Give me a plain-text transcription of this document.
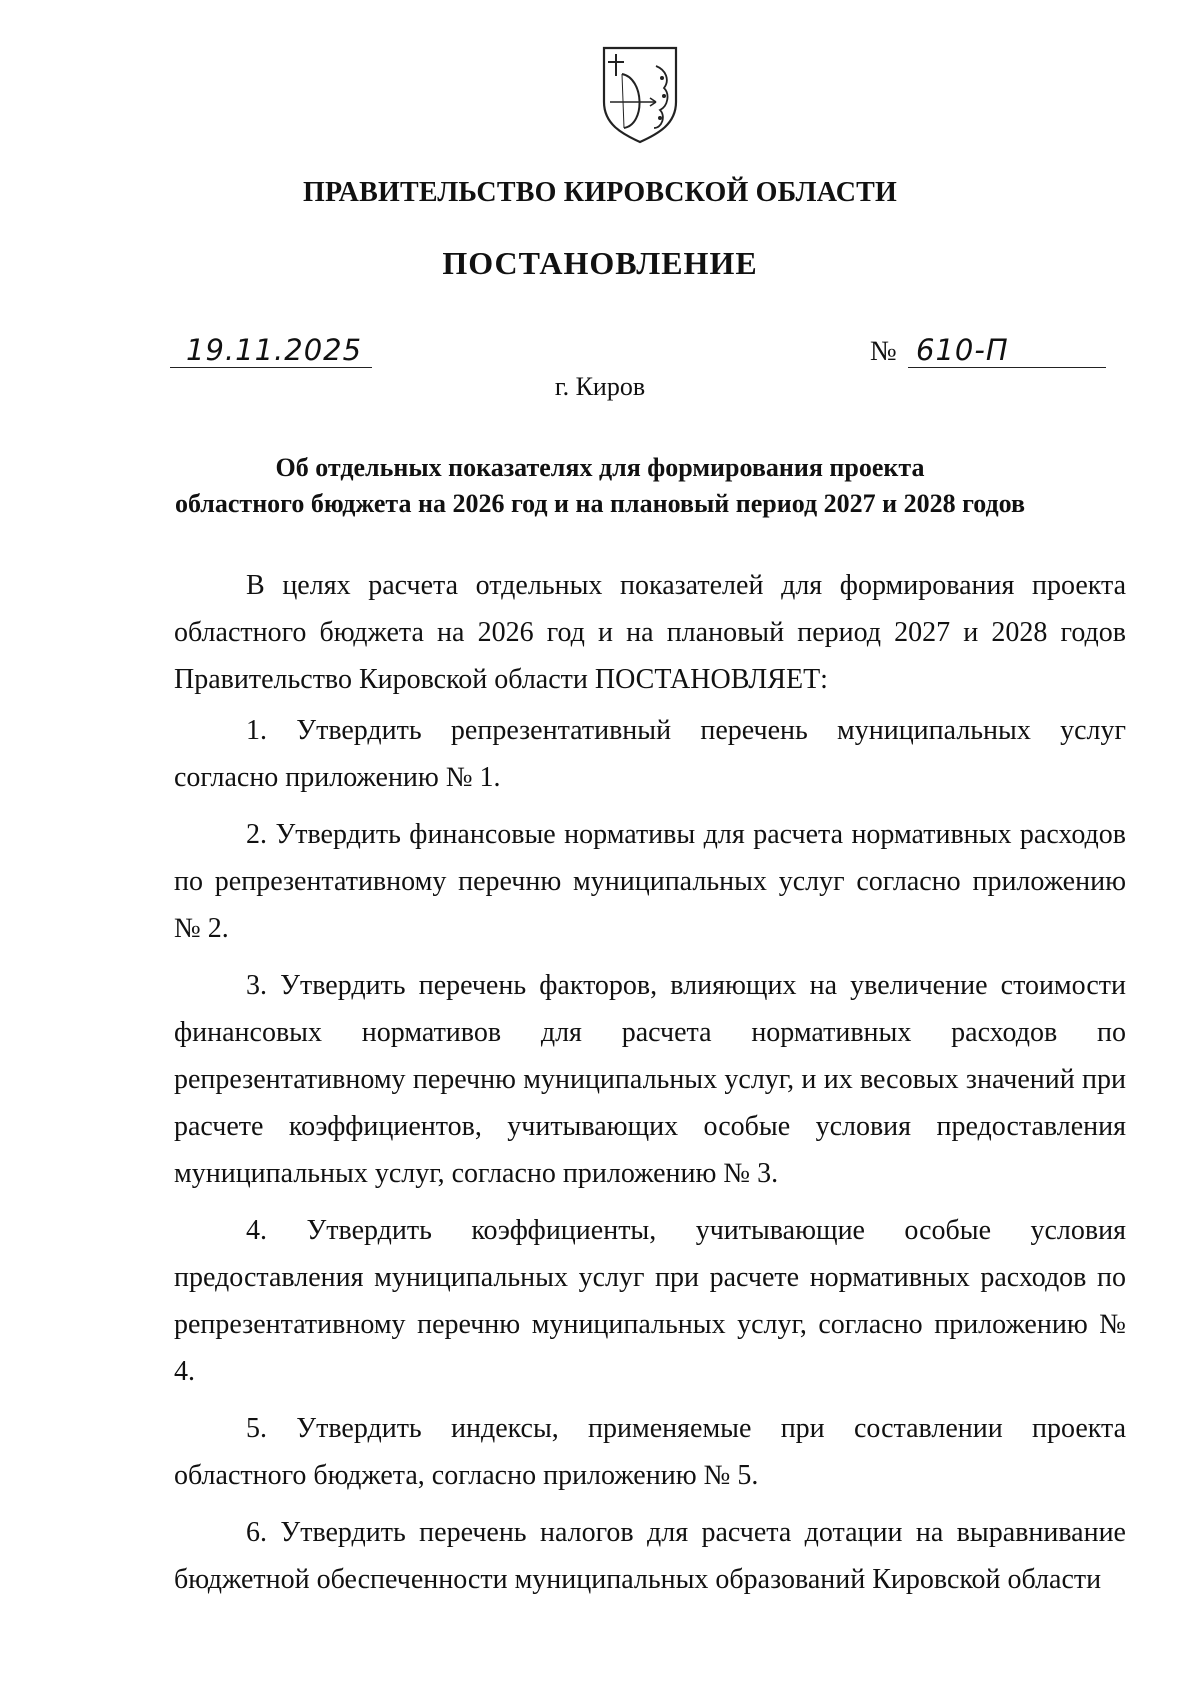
ПРАВИТЕЛЬСТВО КИРОВСКОЙ ОБЛАСТИ
ПОСТАНОВЛЕНИЕ
19.11.2025	№ 610-П
г. Киров
Об отдельных показателях для формирования проекта
областного бюджета на 2026 год и на плановый период 2027 и 2028 годов

В целях расчета отдельных показателей для формирования проекта областного бюджета на 2026 год и на плановый период 2027 и 2028 годов Правительство Кировской области ПОСТАНОВЛЯЕТ:

1. Утвердить репрезентативный перечень муниципальных услуг согласно приложению № 1.

2. Утвердить финансовые нормативы для расчета нормативных расходов по репрезентативному перечню муниципальных услуг согласно приложению № 2.

3. Утвердить перечень факторов, влияющих на увеличение стоимости финансовых нормативов для расчета нормативных расходов по репрезентативному перечню муниципальных услуг, и их весовых значений при расчете коэффициентов, учитывающих особые условия предоставления муниципальных услуг, согласно приложению № 3.

4. Утвердить коэффициенты, учитывающие особые условия предоставления муниципальных услуг при расчете нормативных расходов по репрезентативному перечню муниципальных услуг, согласно приложению № 4.

5. Утвердить индексы, применяемые при составлении проекта областного бюджета, согласно приложению № 5.

6. Утвердить перечень налогов для расчета дотации на выравнивание бюджетной обеспеченности муниципальных образований Кировской области
